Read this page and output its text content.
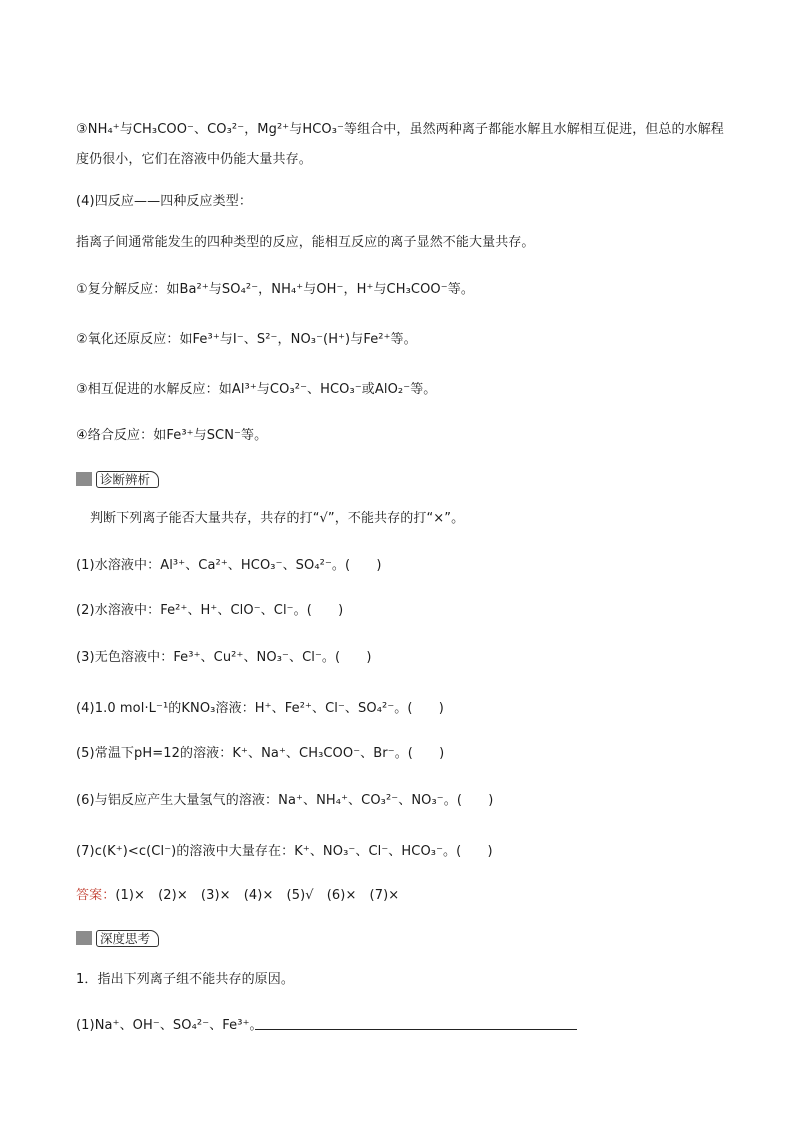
③NH₄⁺与CH₃COO⁻、CO₃²⁻，Mg²⁺与HCO₃⁻等组合中，虽然两种离子都能水解且水解相互促进，但总的水解程
度仍很小，它们在溶液中仍能大量共存。
(4)四反应——四种反应类型：
指离子间通常能发生的四种类型的反应，能相互反应的离子显然不能大量共存。
①复分解反应：如Ba²⁺与SO₄²⁻，NH₄⁺与OH⁻，H⁺与CH₃COO⁻等。
②氧化还原反应：如Fe³⁺与I⁻、S²⁻，NO₃⁻(H⁺)与Fe²⁺等。
③相互促进的水解反应：如Al³⁺与CO₃²⁻、HCO₃⁻或AlO₂⁻等。
④络合反应：如Fe³⁺与SCN⁻等。
诊断辨析
判断下列离子能否大量共存，共存的打“√”，不能共存的打“×”。
(1)水溶液中：Al³⁺、Ca²⁺、HCO₃⁻、SO₄²⁻。(　　)
(2)水溶液中：Fe²⁺、H⁺、ClO⁻、Cl⁻。(　　)
(3)无色溶液中：Fe³⁺、Cu²⁺、NO₃⁻、Cl⁻。(　　)
(4)1.0 mol·L⁻¹的KNO₃溶液：H⁺、Fe²⁺、Cl⁻、SO₄²⁻。(　　)
(5)常温下pH=12的溶液：K⁺、Na⁺、CH₃COO⁻、Br⁻。(　　)
(6)与铝反应产生大量氢气的溶液：Na⁺、NH₄⁺、CO₃²⁻、NO₃⁻。(　　)
(7)c(K⁺)<c(Cl⁻)的溶液中大量存在：K⁺、NO₃⁻、Cl⁻、HCO₃⁻。(　　)
答案：(1)×　(2)×　(3)×　(4)×　(5)√　(6)×　(7)×
深度思考
1．指出下列离子组不能共存的原因。
(1)Na⁺、OH⁻、SO₄²⁻、Fe³⁺。
